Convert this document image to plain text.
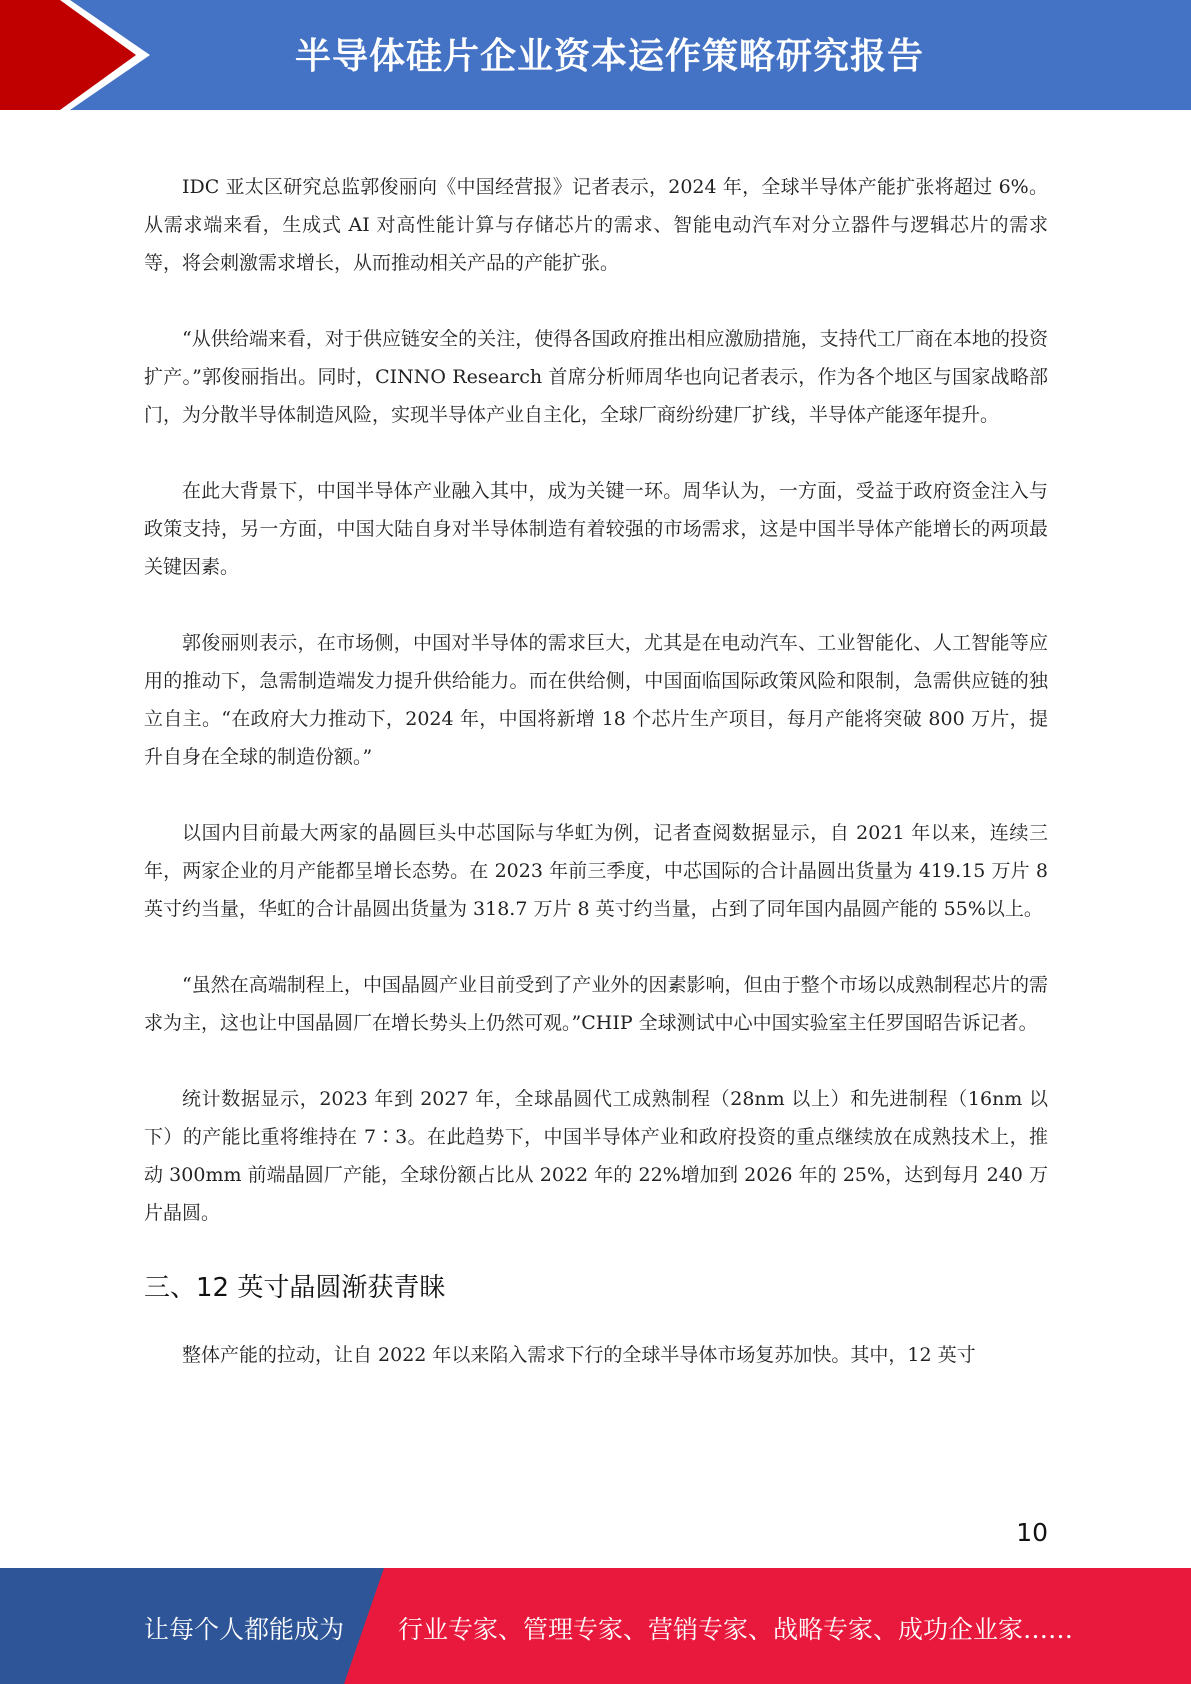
半导体硅片企业资本运作策略研究报告

IDC 亚太区研究总监郭俊丽向《中国经营报》记者表示，2024 年，全球半导体产能扩张将超过 6%。从需求端来看，生成式 AI 对高性能计算与存储芯片的需求、智能电动汽车对分立器件与逻辑芯片的需求等，将会刺激需求增长，从而推动相关产品的产能扩张。

“从供给端来看，对于供应链安全的关注，使得各国政府推出相应激励措施，支持代工厂商在本地的投资扩产。”郭俊丽指出。同时，CINNO Research 首席分析师周华也向记者表示，作为各个地区与国家战略部门，为分散半导体制造风险，实现半导体产业自主化，全球厂商纷纷建厂扩线，半导体产能逐年提升。

在此大背景下，中国半导体产业融入其中，成为关键一环。周华认为，一方面，受益于政府资金注入与政策支持，另一方面，中国大陆自身对半导体制造有着较强的市场需求，这是中国半导体产能增长的两项最关键因素。

郭俊丽则表示，在市场侧，中国对半导体的需求巨大，尤其是在电动汽车、工业智能化、人工智能等应用的推动下，急需制造端发力提升供给能力。而在供给侧，中国面临国际政策风险和限制，急需供应链的独立自主。“在政府大力推动下，2024 年，中国将新增 18 个芯片生产项目，每月产能将突破 800 万片，提升自身在全球的制造份额。”

以国内目前最大两家的晶圆巨头中芯国际与华虹为例，记者查阅数据显示，自 2021 年以来，连续三年，两家企业的月产能都呈增长态势。在 2023 年前三季度，中芯国际的合计晶圆出货量为 419.15 万片 8 英寸约当量，华虹的合计晶圆出货量为 318.7 万片 8 英寸约当量，占到了同年国内晶圆产能的 55%以上。

“虽然在高端制程上，中国晶圆产业目前受到了产业外的因素影响，但由于整个市场以成熟制程芯片的需求为主，这也让中国晶圆厂在增长势头上仍然可观。”CHIP 全球测试中心中国实验室主任罗国昭告诉记者。

统计数据显示，2023 年到 2027 年，全球晶圆代工成熟制程（28nm 以上）和先进制程（16nm 以下）的产能比重将维持在 7∶3。在此趋势下，中国半导体产业和政府投资的重点继续放在成熟技术上，推动 300mm 前端晶圆厂产能，全球份额占比从 2022 年的 22%增加到 2026 年的 25%，达到每月 240 万片晶圆。

三、12 英寸晶圆渐获青睐

整体产能的拉动，让自 2022 年以来陷入需求下行的全球半导体市场复苏加快。其中，12 英寸

10
让每个人都能成为 行业专家、管理专家、营销专家、战略专家、成功企业家……
